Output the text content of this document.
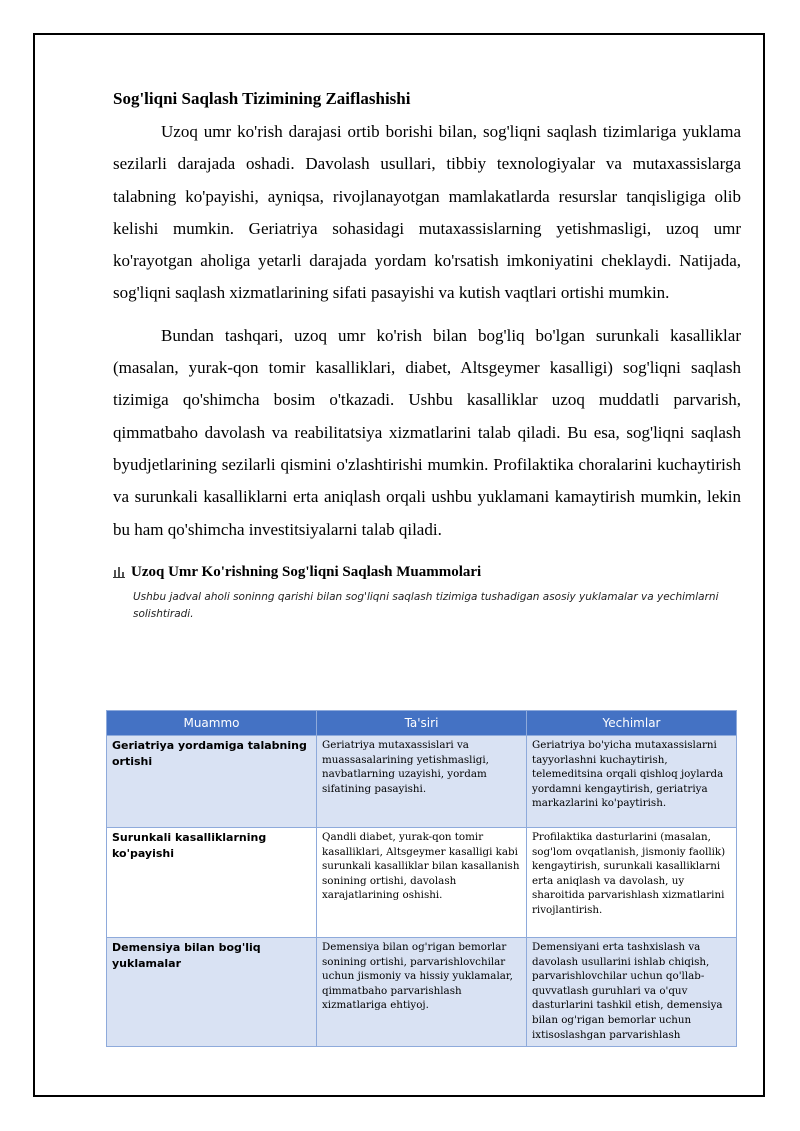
Sog'liqni Saqlash Tizimining Zaiflashishi

Uzoq umr ko'rish darajasi ortib borishi bilan, sog'liqni saqlash tizimlariga yuklama sezilarli darajada oshadi. Davolash usullari, tibbiy texnologiyalar va mutaxassislarga talabning ko'payishi, ayniqsa, rivojlanayotgan mamlakatlarda resurslar tanqisligiga olib kelishi mumkin. Geriatriya sohasidagi mutaxassislarning yetishmasligi, uzoq umr ko'rayotgan aholiga yetarli darajada yordam ko'rsatish imkoniyatini cheklaydi. Natijada, sog'liqni saqlash xizmatlarining sifati pasayishi va kutish vaqtlari ortishi mumkin.

Bundan tashqari, uzoq umr ko'rish bilan bog'liq bo'lgan surunkali kasalliklar (masalan, yurak-qon tomir kasalliklari, diabet, Altsgeymer kasalligi) sog'liqni saqlash tizimiga qo'shimcha bosim o'tkazadi. Ushbu kasalliklar uzoq muddatli parvarish, qimmatbaho davolash va reabilitatsiya xizmatlarini talab qiladi. Bu esa, sog'liqni saqlash byudjetlarining sezilarli qismini o'zlashtirishi mumkin. Profilaktika choralarini kuchaytirish va surunkali kasalliklarni erta aniqlash orqali ushbu yuklamani kamaytirish mumkin, lekin bu ham qo'shimcha investitsiyalarni talab qiladi.

Uzoq Umr Ko'rishning Sog'liqni Saqlash Muammolari
Ushbu jadval aholi soninng qarishi bilan sog'liqni saqlash tizimiga tushadigan asosiy yuklamalar va yechimlarni solishtiradi.
Muammo	Ta'siri	Yechimlar
Geriatriya yordamiga talabning ortishi	Geriatriya mutaxassislari va muassasalarining yetishmasligi, navbatlarning uzayishi, yordam sifatining pasayishi.	Geriatriya bo'yicha mutaxassislarni tayyorlashni kuchaytirish, telemeditsina orqali qishloq joylarda yordamni kengaytirish, geriatriya markazlarini ko'paytirish.
Surunkali kasalliklarning ko'payishi	Qandli diabet, yurak-qon tomir kasalliklari, Altsgeymer kasalligi kabi surunkali kasalliklar bilan kasallanish sonining ortishi, davolash xarajatlarining oshishi.	Profilaktika dasturlarini (masalan, sog'lom ovqatlanish, jismoniy faollik) kengaytirish, surunkali kasalliklarni erta aniqlash va davolash, uy sharoitida parvarishlash xizmatlarini rivojlantirish.
Demensiya bilan bog'liq yuklamalar	Demensiya bilan og'rigan bemorlar sonining ortishi, parvarishlovchilar uchun jismoniy va hissiy yuklamalar, qimmatbaho parvarishlash xizmatlariga ehtiyoj.	Demensiyani erta tashxislash va davolash usullarini ishlab chiqish, parvarishlovchilar uchun qo'llab-quvvatlash guruhlari va o'quv dasturlarini tashkil etish, demensiya bilan og'rigan bemorlar uchun ixtisoslashgan parvarishlash
